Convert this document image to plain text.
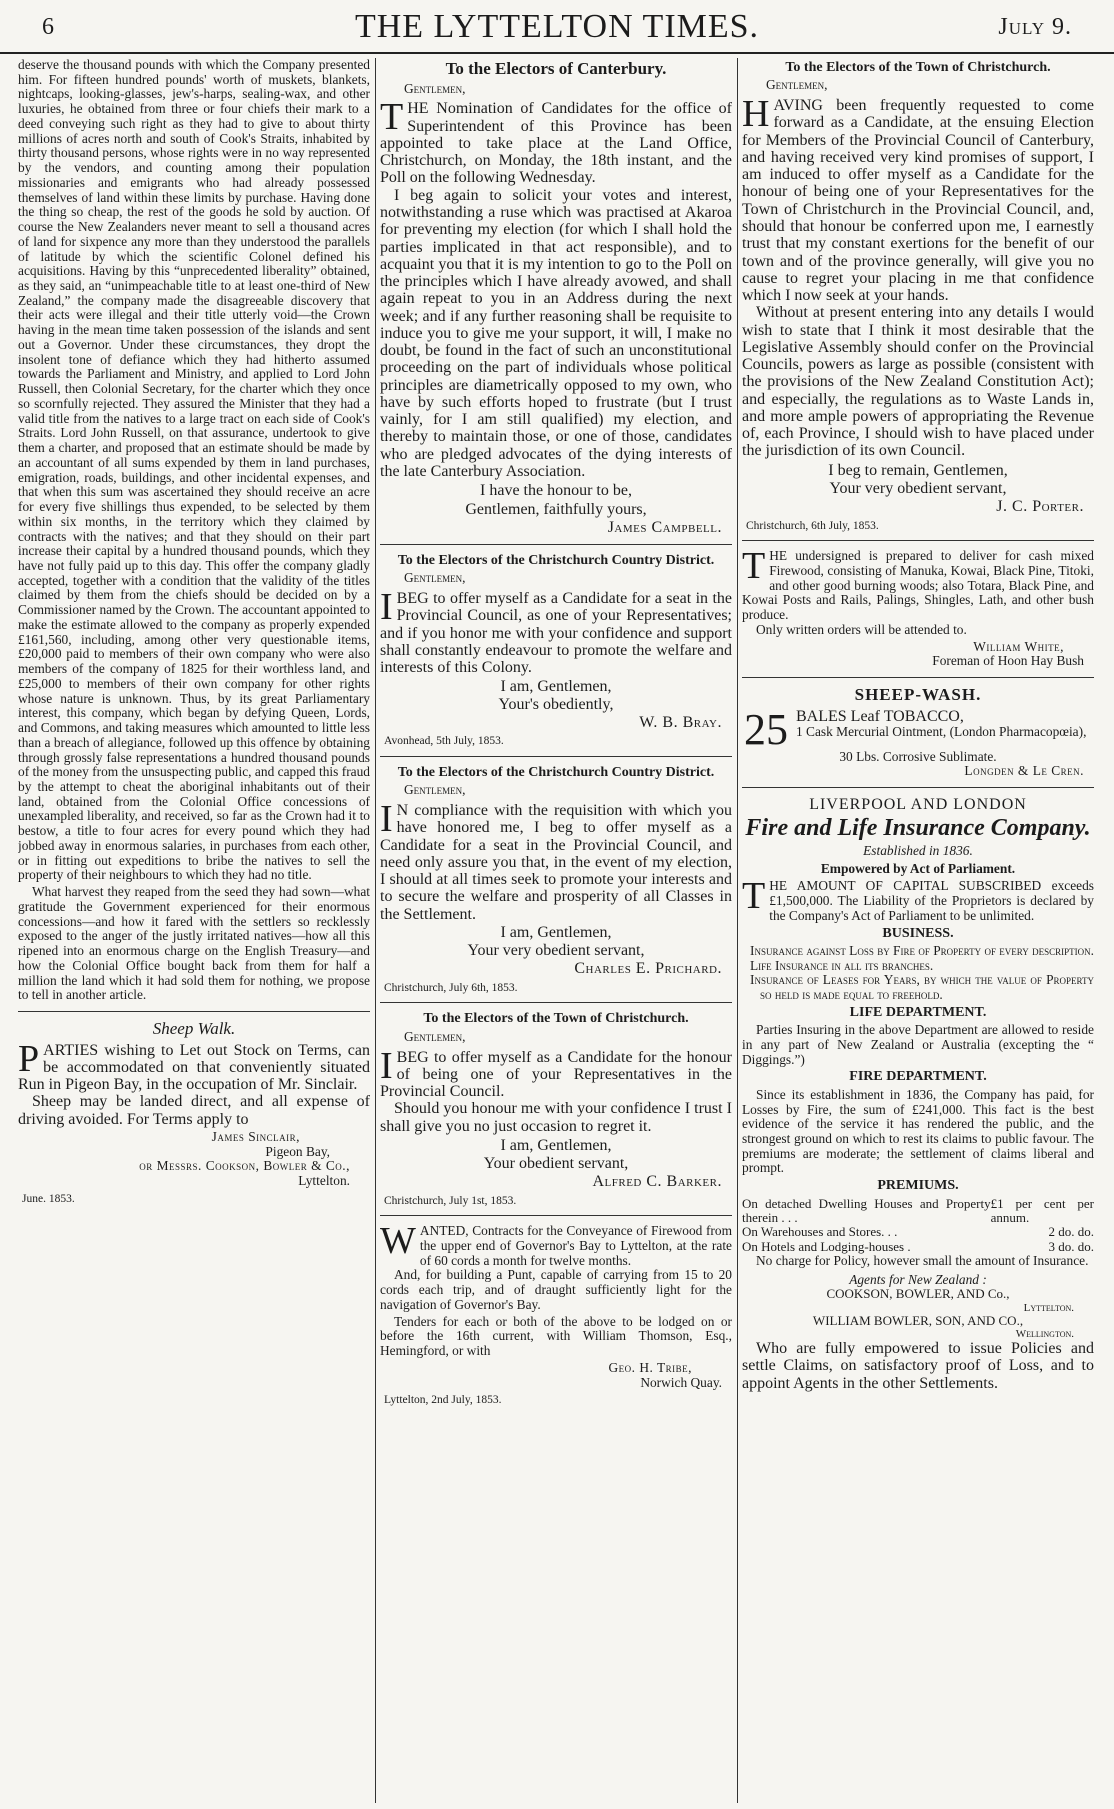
6	THE LYTTELTON TIMES.	July 9.

deserve the thousand pounds with which the Company presented him. For fifteen hundred pounds' worth of muskets, blankets, nightcaps, looking-glasses, jew's-harps, sealing-wax, and other luxuries, he obtained from three or four chiefs their mark to a deed conveying such right as they had to give to about thirty millions of acres north and south of Cook's Straits, inhabited by thirty thousand persons, whose rights were in no way represented by the vendors, and counting among their population missionaries and emigrants who had already possessed themselves of land within these limits by purchase. Having done the thing so cheap, the rest of the goods he sold by auction. Of course the New Zealanders never meant to sell a thousand acres of land for sixpence any more than they understood the parallels of latitude by which the scientific Colonel defined his acquisitions. Having by this “unprecedented liberality” obtained, as they said, an “unimpeachable title to at least one-third of New Zealand,” the company made the disagreeable discovery that their acts were illegal and their title utterly void—the Crown having in the mean time taken possession of the islands and sent out a Governor. Under these circumstances, they dropt the insolent tone of defiance which they had hitherto assumed towards the Parliament and Ministry, and applied to Lord John Russell, then Colonial Secretary, for the charter which they once so scornfully rejected. They assured the Minister that they had a valid title from the natives to a large tract on each side of Cook's Straits. Lord John Russell, on that assurance, undertook to give them a charter, and proposed that an estimate should be made by an accountant of all sums expended by them in land purchases, emigration, roads, buildings, and other incidental expenses, and that when this sum was ascertained they should receive an acre for every five shillings thus expended, to be selected by them within six months, in the territory which they claimed by contracts with the natives; and that they should on their part increase their capital by a hundred thousand pounds, which they have not fully paid up to this day. This offer the company gladly accepted, together with a condition that the validity of the titles claimed by them from the chiefs should be decided on by a Commissioner named by the Crown. The accountant appointed to make the estimate allowed to the company as properly expended £161,560, including, among other very questionable items, £20,000 paid to members of their own company who were also members of the company of 1825 for their worthless land, and £25,000 to members of their own company for other rights whose nature is unknown. Thus, by its great Parliamentary interest, this company, which began by defying Queen, Lords, and Commons, and taking measures which amounted to little less than a breach of allegiance, followed up this offence by obtaining through grossly false representations a hundred thousand pounds of the money from the unsuspecting public, and capped this fraud by the attempt to cheat the aboriginal inhabitants out of their land, obtained from the Colonial Office concessions of unexampled liberality, and received, so far as the Crown had it to bestow, a title to four acres for every pound which they had jobbed away in enormous salaries, in purchases from each other, or in fitting out expeditions to bribe the natives to sell the property of their neighbours to which they had no title.

What harvest they reaped from the seed they had sown—what gratitude the Government experienced for their enormous concessions—and how it fared with the settlers so recklessly exposed to the anger of the justly irritated natives—how all this ripened into an enormous charge on the English Treasury—and how the Colonial Office bought back from them for half a million the land which it had sold them for nothing, we propose to tell in another article.

Sheep Walk.
P ARTIES wishing to Let out Stock on Terms, can be accommodated on that conveniently situated Run in Pigeon Bay, in the occupation of Mr. Sinclair.

Sheep may be landed direct, and all expense of driving avoided. For Terms apply to

James Sinclair,
Pigeon Bay,
or Messrs. Cookson, Bowler & Co.,
Lyttelton.
June. 1853.
To the Electors of Canterbury.
Gentlemen,
T HE Nomination of Candidates for the office of Superintendent of this Province has been appointed to take place at the Land Office, Christchurch, on Monday, the 18th instant, and the Poll on the following Wednesday.

I beg again to solicit your votes and interest, notwithstanding a ruse which was practised at Akaroa for preventing my election (for which I shall hold the parties implicated in that act responsible), and to acquaint you that it is my intention to go to the Poll on the principles which I have already avowed, and shall again repeat to you in an Address during the next week; and if any further reasoning shall be requisite to induce you to give me your support, it will, I make no doubt, be found in the fact of such an unconstitutional proceeding on the part of individuals whose political principles are diametrically opposed to my own, who have by such efforts hoped to frustrate (but I trust vainly, for I am still qualified) my election, and thereby to maintain those, or one of those, candidates who are pledged advocates of the dying interests of the late Canterbury Association.

I have the honour to be,
Gentlemen, faithfully yours,
James Campbell.
To the Electors of the Christchurch Country District.
Gentlemen,
I BEG to offer myself as a Candidate for a seat in the Provincial Council, as one of your Representatives; and if you honor me with your confidence and support shall constantly endeavour to promote the welfare and interests of this Colony.
I am, Gentlemen,
Your's obediently,
W. B. Bray.
Avonhead, 5th July, 1853.
To the Electors of the Christchurch Country District.
Gentlemen,
I N compliance with the requisition with which you have honored me, I beg to offer myself as a Candidate for a seat in the Provincial Council, and need only assure you that, in the event of my election, I should at all times seek to promote your interests and to secure the welfare and prosperity of all Classes in the Settlement.
I am, Gentlemen,
Your very obedient servant,
Charles E. Prichard.
Christchurch, July 6th, 1853.
To the Electors of the Town of Christchurch.
Gentlemen,
I BEG to offer myself as a Candidate for the honour of being one of your Representatives in the Provincial Council.

Should you honour me with your confidence I trust I shall give you no just occasion to regret it.

I am, Gentlemen,
Your obedient servant,
Alfred C. Barker.
Christchurch, July 1st, 1853.
W ANTED, Contracts for the Conveyance of Firewood from the upper end of Governor's Bay to Lyttelton, at the rate of 60 cords a month for twelve months.

And, for building a Punt, capable of carrying from 15 to 20 cords each trip, and of draught sufficiently light for the navigation of Governor's Bay.

Tenders for each or both of the above to be lodged on or before the 16th current, with William Thomson, Esq., Hemingford, or with

Geo. H. Tribe,
Norwich Quay.
Lyttelton, 2nd July, 1853.
To the Electors of the Town of Christchurch.
Gentlemen,
H AVING been frequently requested to come forward as a Candidate, at the ensuing Election for Members of the Provincial Council of Canterbury, and having received very kind promises of support, I am induced to offer myself as a Candidate for the honour of being one of your Representatives for the Town of Christchurch in the Provincial Council, and, should that honour be conferred upon me, I earnestly trust that my constant exertions for the benefit of our town and of the province generally, will give you no cause to regret your placing in me that confidence which I now seek at your hands.

Without at present entering into any details I would wish to state that I think it most desirable that the Legislative Assembly should confer on the Provincial Councils, powers as large as possible (consistent with the provisions of the New Zealand Constitution Act); and especially, the regulations as to Waste Lands in, and more ample powers of appropriating the Revenue of, each Province, I should wish to have placed under the jurisdiction of its own Council.

I beg to remain, Gentlemen,
Your very obedient servant,
J. C. Porter.
Christchurch, 6th July, 1853.
T HE undersigned is prepared to deliver for cash mixed Firewood, consisting of Manuka, Kowai, Black Pine, Titoki, and other good burning woods; also Totara, Black Pine, and Kowai Posts and Rails, Palings, Shingles, Lath, and other bush produce.

Only written orders will be attended to.

William White,
Foreman of Hoon Hay Bush
SHEEP-WASH.
25 BALES Leaf TOBACCO,
1 Cask Mercurial Ointment, (London Pharmacopœia),
30 Lbs. Corrosive Sublimate.
Longden & Le Cren.
LIVERPOOL AND LONDON
Fire and Life Insurance Company.
Established in 1836.
Empowered by Act of Parliament.
T HE AMOUNT OF CAPITAL SUBSCRIBED exceeds £1,500,000. The Liability of the Proprietors is declared by the Company's Act of Parliament to be unlimited.
BUSINESS.
Insurance against Loss by Fire of Property of every description.
Life Insurance in all its branches.
Insurance of Leases for Years, by which the value of Property so held is made equal to freehold.
LIFE DEPARTMENT.

Parties Insuring in the above Department are allowed to reside in any part of New Zealand or Australia (excepting the “ Diggings.”)

FIRE DEPARTMENT.

Since its establishment in 1836, the Company has paid, for Losses by Fire, the sum of £241,000. This fact is the best evidence of the service it has rendered the public, and the strongest ground on which to rest its claims to public favour. The premiums are moderate; the settlement of claims liberal and prompt.

PREMIUMS.
On detached Dwelling Houses and Property therein . . .
£1 per cent per annum.
On Warehouses and Stores. . .	2 do. do.
On Hotels and Lodging-houses .	3 do. do.

No charge for Policy, however small the amount of Insurance.

Agents for New Zealand :
COOKSON, BOWLER, AND Co.,
Lyttelton.
WILLIAM BOWLER, SON, AND CO.,
Wellington.

Who are fully empowered to issue Policies and settle Claims, on satisfactory proof of Loss, and to appoint Agents in the other Settlements.
